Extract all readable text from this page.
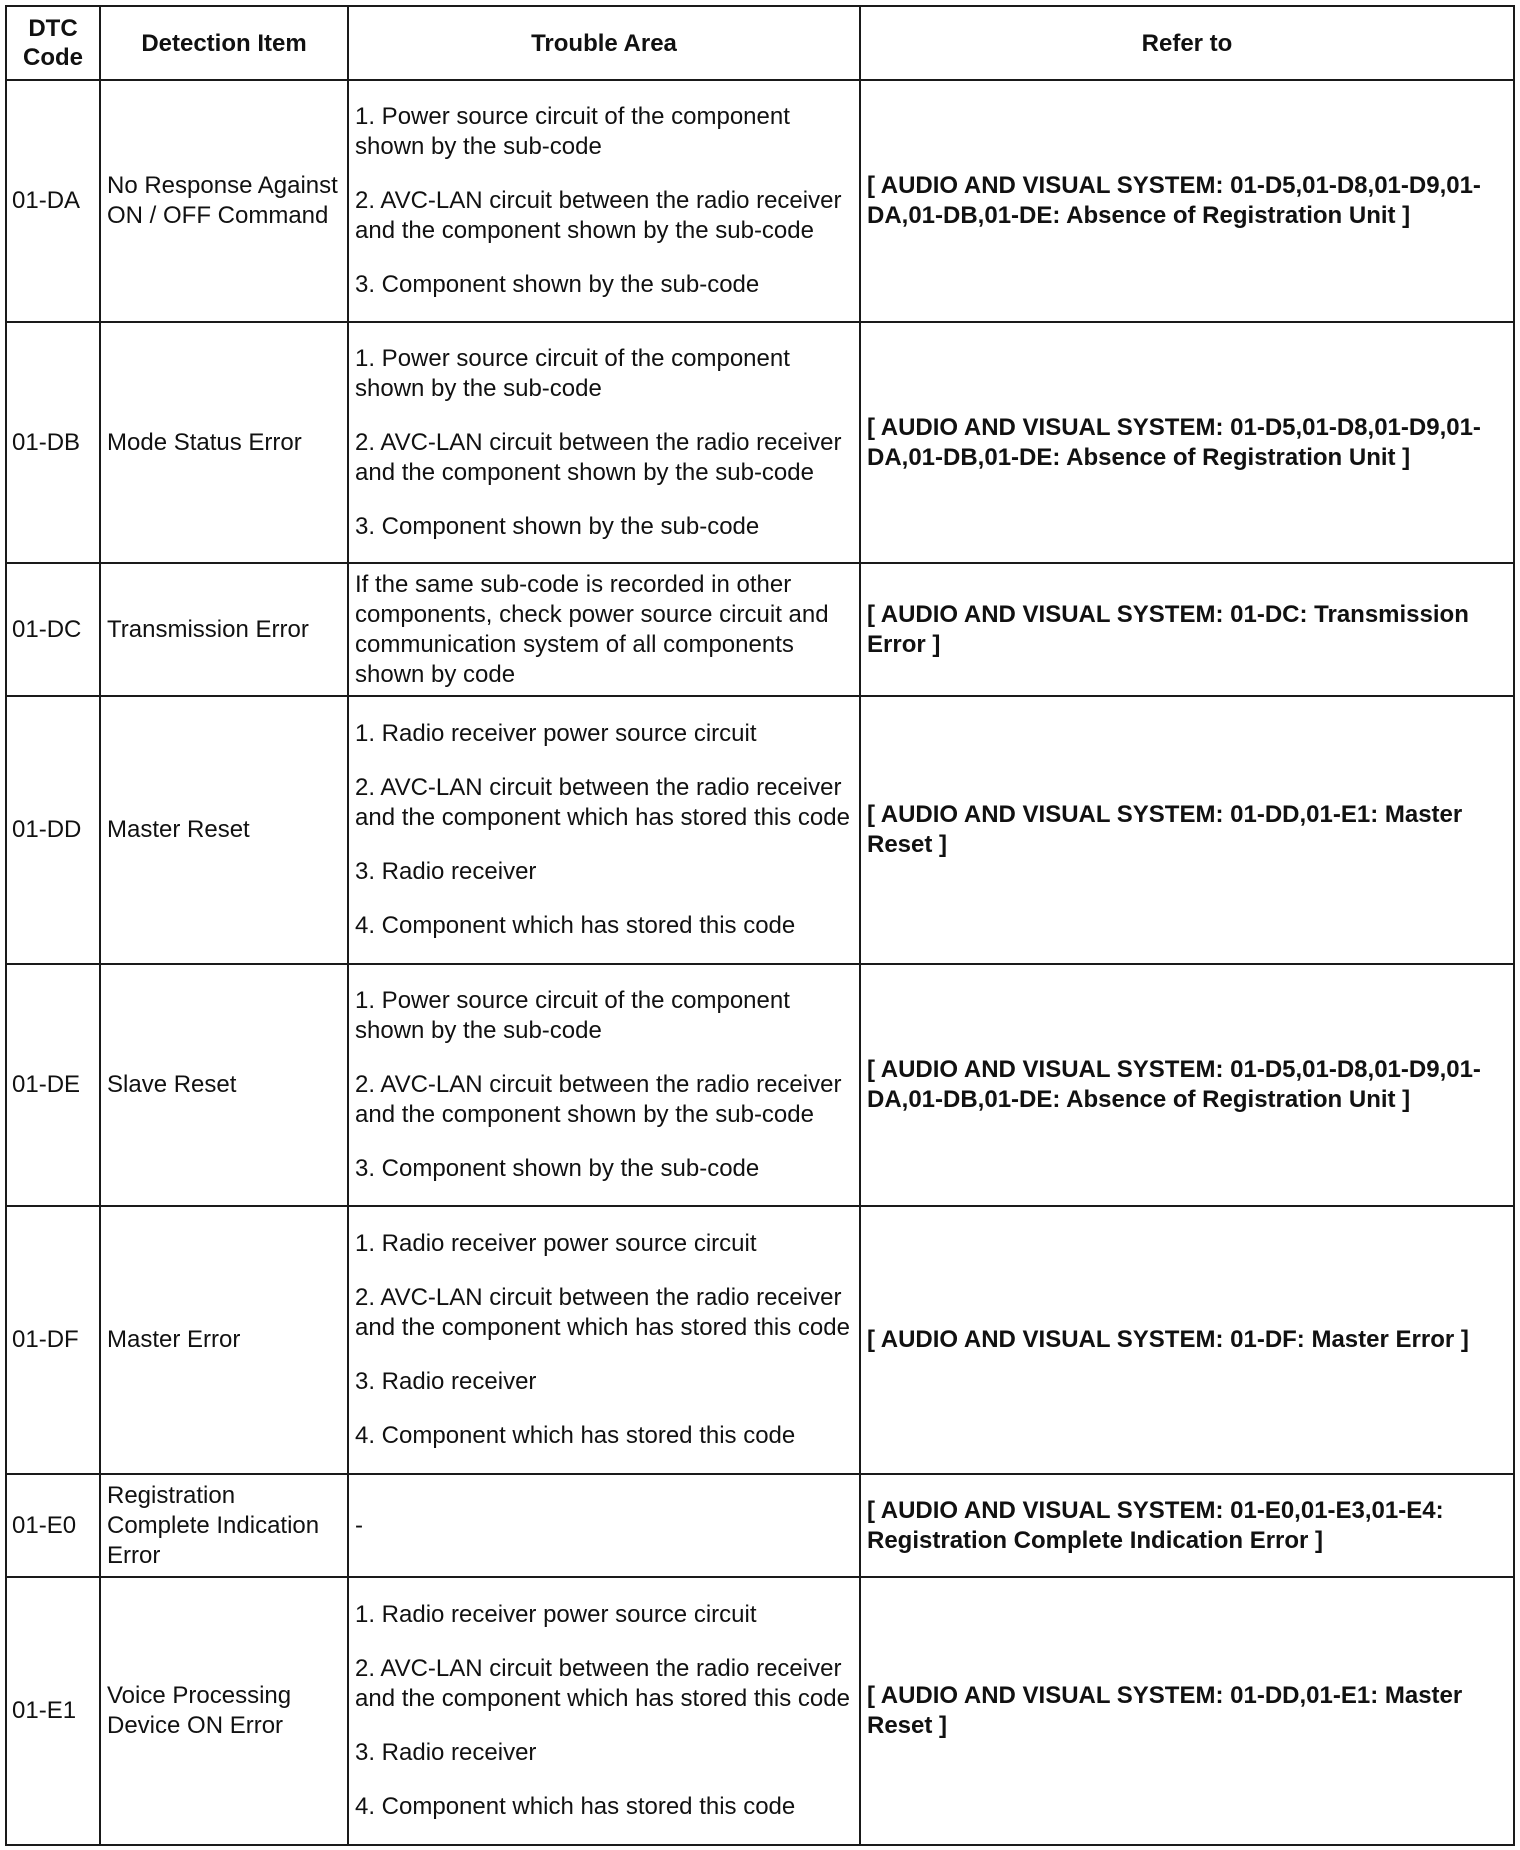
DTC Code	Detection Item	Trouble Area	Refer to
01-DA	No Response Against ON / OFF Command	1. Power source circuit of the component shown by the sub-code
2. AVC-LAN circuit between the radio receiver and the component shown by the sub-code
3. Component shown by the sub-code	[ AUDIO AND VISUAL SYSTEM: 01-D5,01-D8,01-D9,01-DA,01-DB,01-DE: Absence of Registration Unit ]
01-DB	Mode Status Error	1. Power source circuit of the component shown by the sub-code
2. AVC-LAN circuit between the radio receiver and the component shown by the sub-code
3. Component shown by the sub-code	[ AUDIO AND VISUAL SYSTEM: 01-D5,01-D8,01-D9,01-DA,01-DB,01-DE: Absence of Registration Unit ]
01-DC	Transmission Error	If the same sub-code is recorded in other components, check power source circuit and communication system of all components shown by code	[ AUDIO AND VISUAL SYSTEM: 01-DC: Transmission Error ]
01-DD	Master Reset	1. Radio receiver power source circuit
2. AVC-LAN circuit between the radio receiver and the component which has stored this code
3. Radio receiver
4. Component which has stored this code	[ AUDIO AND VISUAL SYSTEM: 01-DD,01-E1: Master Reset ]
01-DE	Slave Reset	1. Power source circuit of the component shown by the sub-code
2. AVC-LAN circuit between the radio receiver and the component shown by the sub-code
3. Component shown by the sub-code	[ AUDIO AND VISUAL SYSTEM: 01-D5,01-D8,01-D9,01-DA,01-DB,01-DE: Absence of Registration Unit ]
01-DF	Master Error	1. Radio receiver power source circuit
2. AVC-LAN circuit between the radio receiver and the component which has stored this code
3. Radio receiver
4. Component which has stored this code	[ AUDIO AND VISUAL SYSTEM: 01-DF: Master Error ]
01-E0	Registration Complete Indication Error	-	[ AUDIO AND VISUAL SYSTEM: 01-E0,01-E3,01-E4: Registration Complete Indication Error ]
01-E1	Voice Processing Device ON Error	1. Radio receiver power source circuit
2. AVC-LAN circuit between the radio receiver and the component which has stored this code
3. Radio receiver
4. Component which has stored this code	[ AUDIO AND VISUAL SYSTEM: 01-DD,01-E1: Master Reset ]
